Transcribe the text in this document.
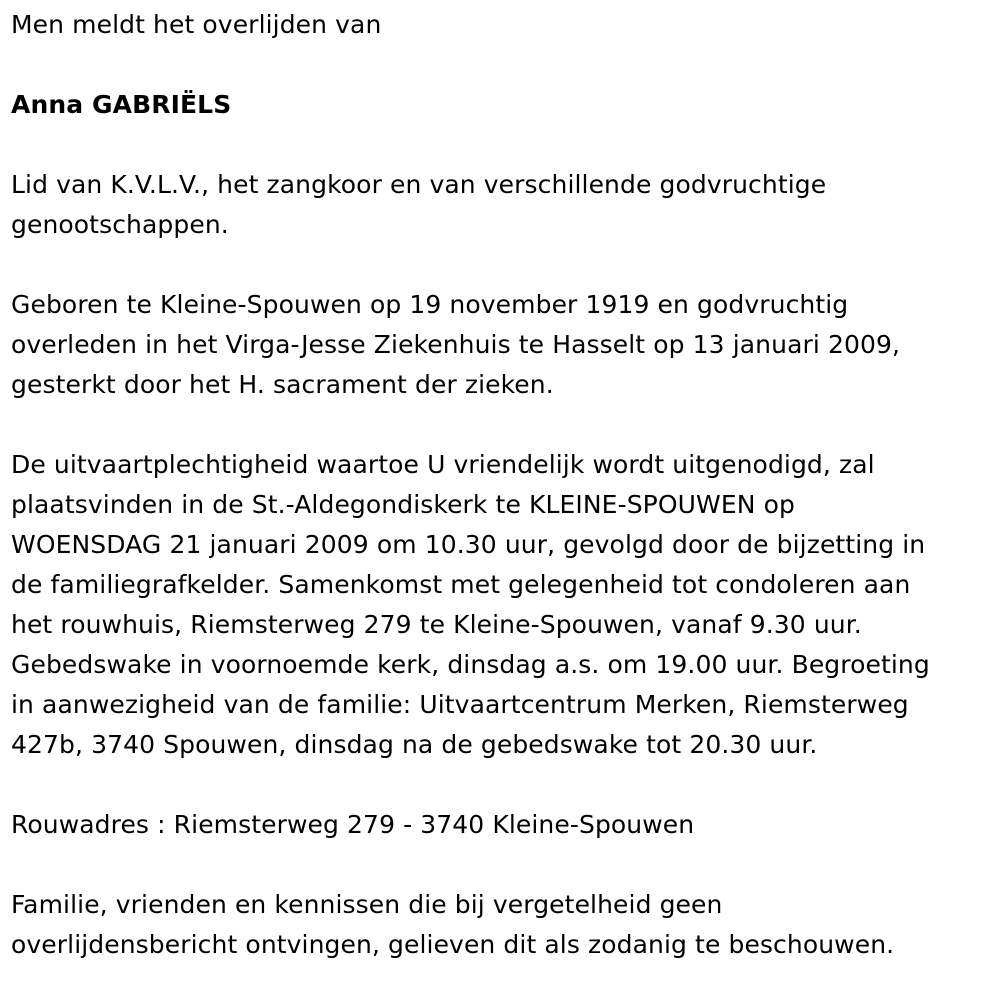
Men meldt het overlijden van

Anna GABRIËLS

Lid van K.V.L.V., het zangkoor en van verschillende godvruchtige
genootschappen.

Geboren te Kleine-Spouwen op 19 november 1919 en godvruchtig
overleden in het Virga-Jesse Ziekenhuis te Hasselt op 13 januari 2009,
gesterkt door het H. sacrament der zieken.

De uitvaartplechtigheid waartoe U vriendelijk wordt uitgenodigd, zal
plaatsvinden in de St.-Aldegondiskerk te KLEINE-SPOUWEN op
WOENSDAG 21 januari 2009 om 10.30 uur, gevolgd door de bijzetting in
de familiegrafkelder. Samenkomst met gelegenheid tot condoleren aan
het rouwhuis, Riemsterweg 279 te Kleine-Spouwen, vanaf 9.30 uur.
Gebedswake in voornoemde kerk, dinsdag a.s. om 19.00 uur. Begroeting
in aanwezigheid van de familie: Uitvaartcentrum Merken, Riemsterweg
427b, 3740 Spouwen, dinsdag na de gebedswake tot 20.30 uur.

Rouwadres : Riemsterweg 279 - 3740 Kleine-Spouwen

Familie, vrienden en kennissen die bij vergetelheid geen
overlijdensbericht ontvingen, gelieven dit als zodanig te beschouwen.
